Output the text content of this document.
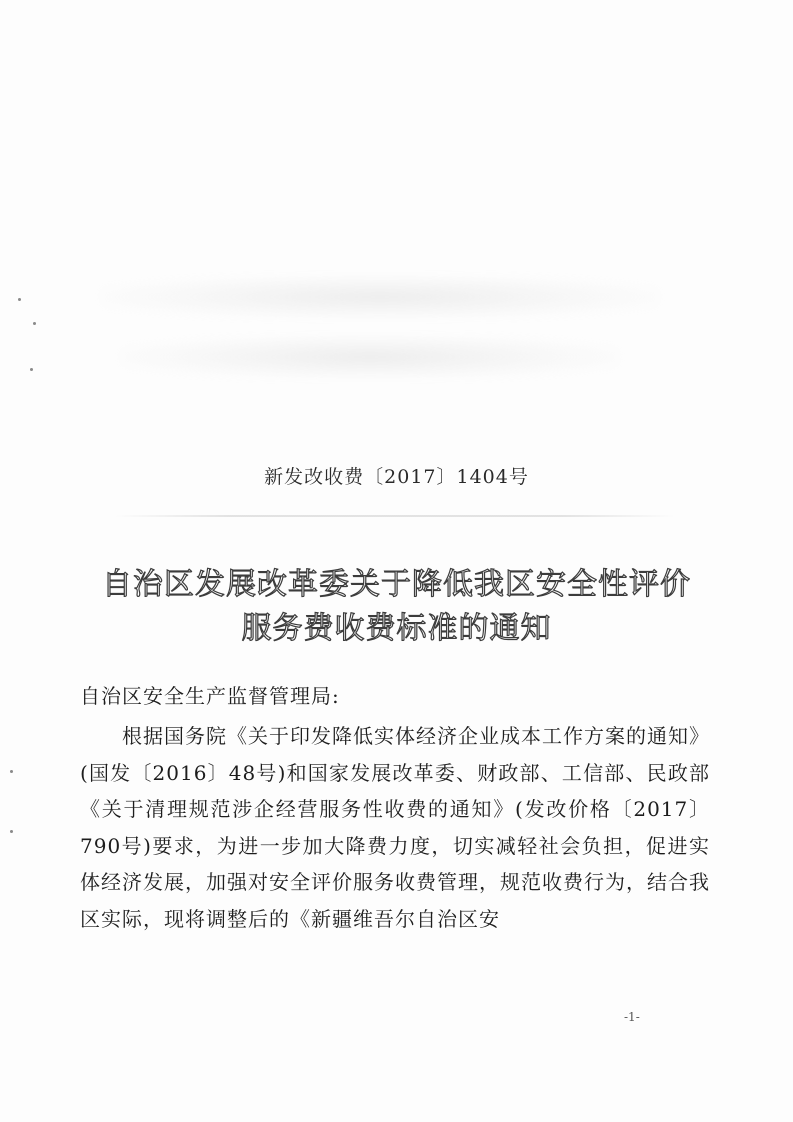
新发改收费〔2017〕1404号
自治区发展改革委关于降低我区安全性评价
服务费收费标准的通知
自治区安全生产监督管理局:
根据国务院《关于印发降低实体经济企业成本工作方案的通知》(国发〔2016〕48号)和国家发展改革委、财政部、工信部、民政部《关于清理规范涉企经营服务性收费的通知》(发改价格〔2017〕790号)要求，为进一步加大降费力度，切实减轻社会负担，促进实体经济发展，加强对安全评价服务收费管理，规范收费行为，结合我区实际，现将调整后的《新疆维吾尔自治区安
-1-
